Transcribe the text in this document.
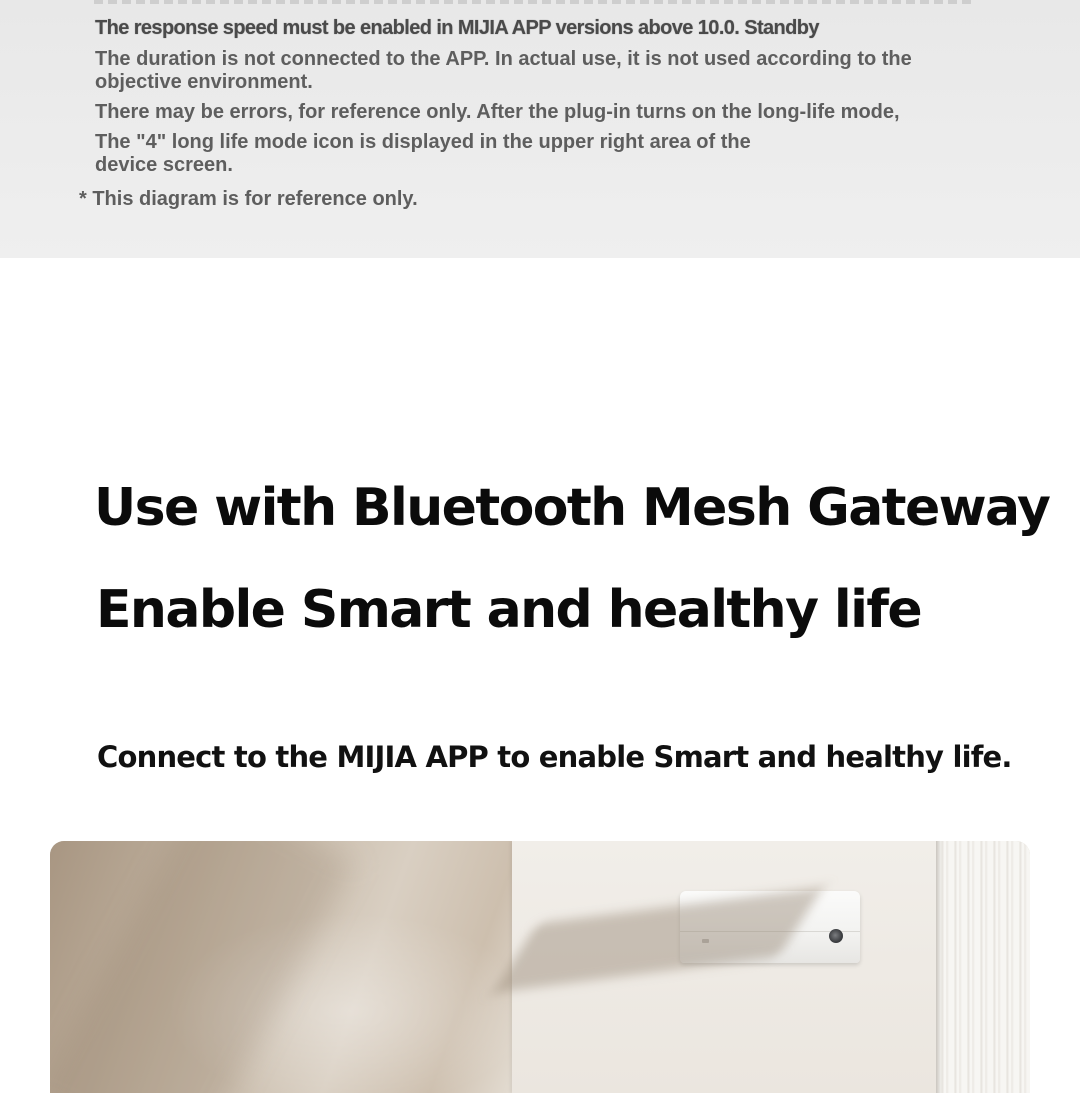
The response speed must be enabled in MIJIA APP versions above 10.0. Standby

The duration is not connected to the APP. In actual use, it is not used according to the objective environment.

There may be errors, for reference only. After the plug-in turns on the long-life mode,

The "4" long life mode icon is displayed in the upper right area of the device screen.

* This diagram is for reference only.

Use with Bluetooth Mesh Gateway
Enable Smart and healthy life
Connect to the MIJIA APP to enable Smart and healthy life.
